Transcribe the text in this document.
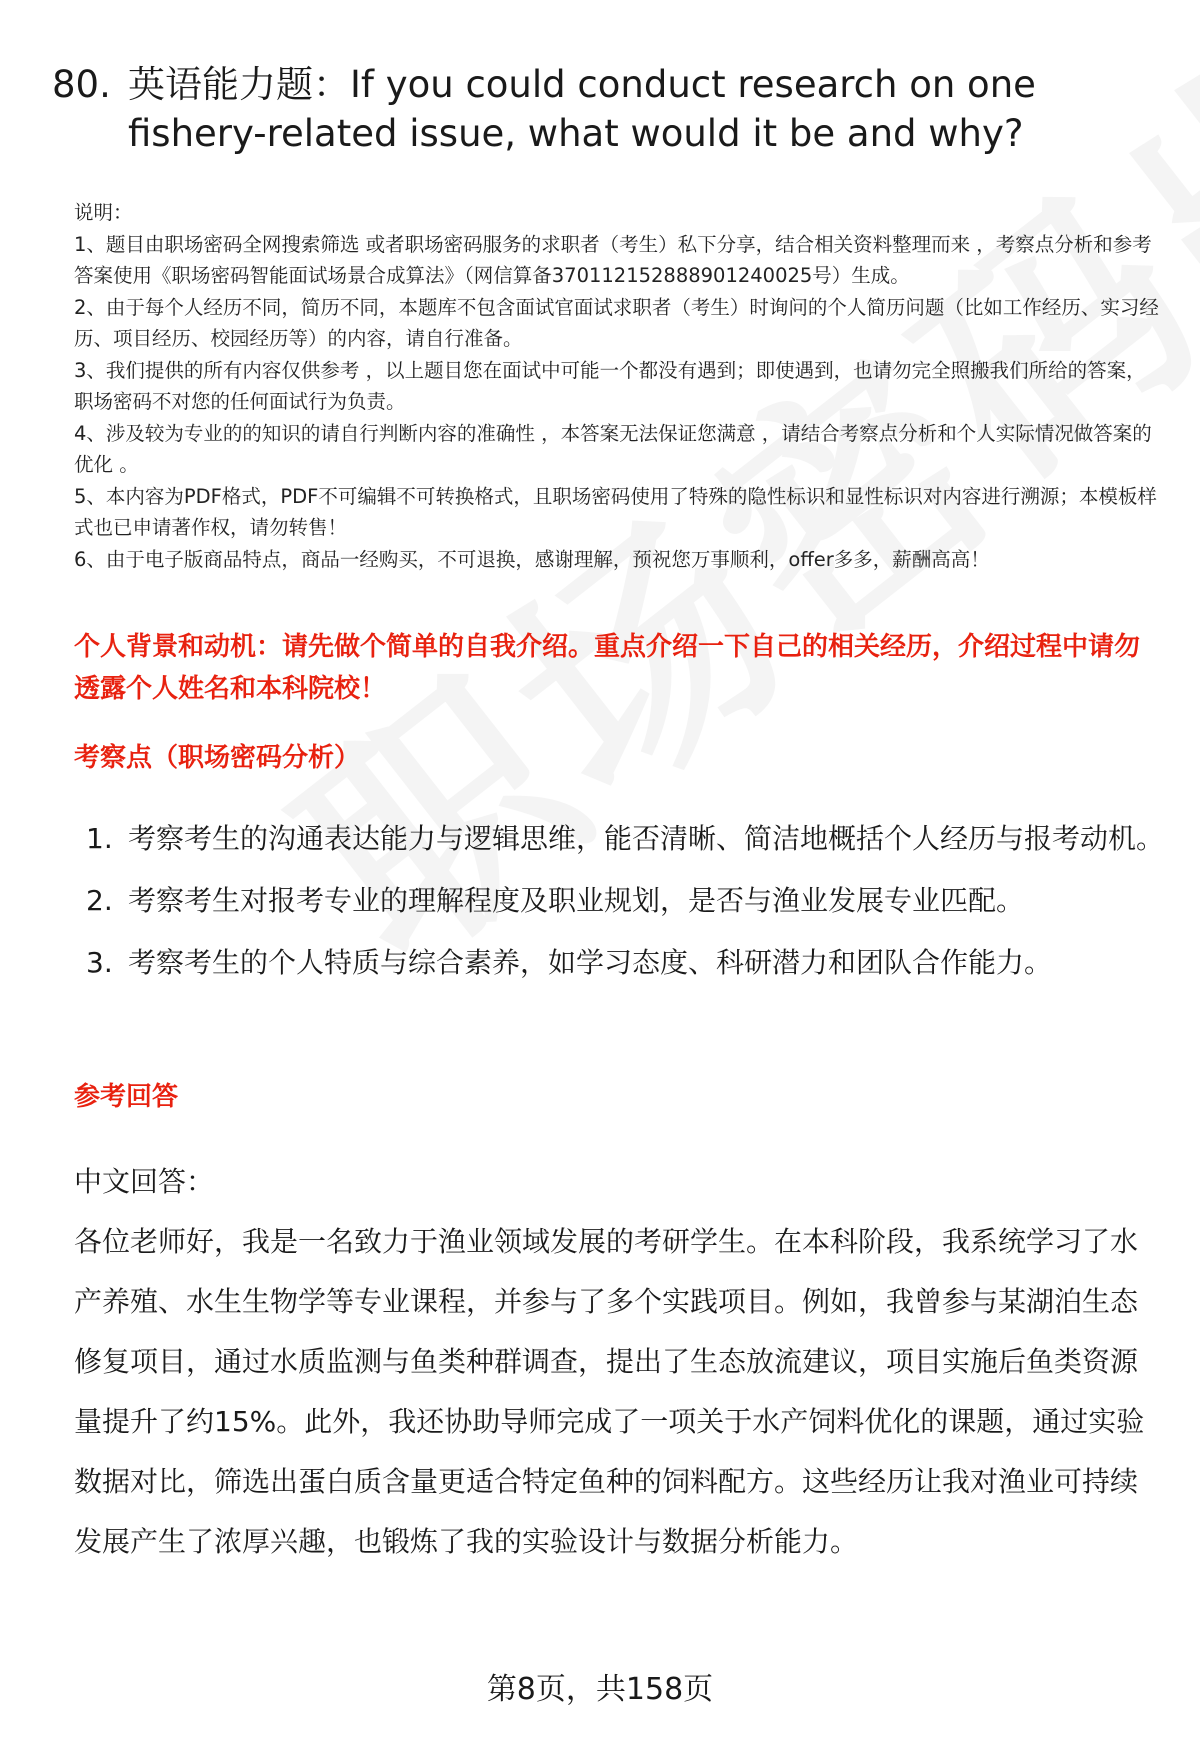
80. 英语能力题：If you could conduct research on one fishery-related issue, what would it be and why?

说明：

1、题目由职场密码全网搜索筛选 或者职场密码服务的求职者（考生）私下分享，结合相关资料整理而来 ，考察点分析和参考答案使用《职场密码智能面试场景合成算法》（网信算备370112152888901240025号）生成。

2、由于每个人经历不同，简历不同，本题库不包含面试官面试求职者（考生）时询问的个人简历问题（比如工作经历、实习经历、项目经历、校园经历等）的内容，请自行准备。

3、我们提供的所有内容仅供参考 ，以上题目您在面试中可能一个都没有遇到；即使遇到，也请勿完全照搬我们所给的答案，职场密码不对您的任何面试行为负责。

4、涉及较为专业的的知识的请自行判断内容的准确性 ，本答案无法保证您满意 ，请结合考察点分析和个人实际情况做答案的优化 。

5、本内容为PDF格式，PDF不可编辑不可转换格式，且职场密码使用了特殊的隐性标识和显性标识对内容进行溯源；本模板样式也已申请著作权，请勿转售！

6、由于电子版商品特点，商品一经购买，不可退换，感谢理解，预祝您万事顺利，offer多多，薪酬高高！

个人背景和动机：请先做个简单的自我介绍。重点介绍一下自己的相关经历，介绍过程中请勿透露个人姓名和本科院校！
考察点（职场密码分析）
1. 考察考生的沟通表达能力与逻辑思维，能否清晰、简洁地概括个人经历与报考动机。
2. 考察考生对报考专业的理解程度及职业规划，是否与渔业发展专业匹配。
3. 考察考生的个人特质与综合素养，如学习态度、科研潜力和团队合作能力。
参考回答

中文回答：

各位老师好，我是一名致力于渔业领域发展的考研学生。在本科阶段，我系统学习了水产养殖、水生生物学等专业课程，并参与了多个实践项目。例如，我曾参与某湖泊生态修复项目，通过水质监测与鱼类种群调查，提出了生态放流建议，项目实施后鱼类资源量提升了约15%。此外，我还协助导师完成了一项关于水产饲料优化的课题，通过实验数据对比，筛选出蛋白质含量更适合特定鱼种的饲料配方。这些经历让我对渔业可持续发展产生了浓厚兴趣，也锻炼了我的实验设计与数据分析能力。

第8页，共158页
